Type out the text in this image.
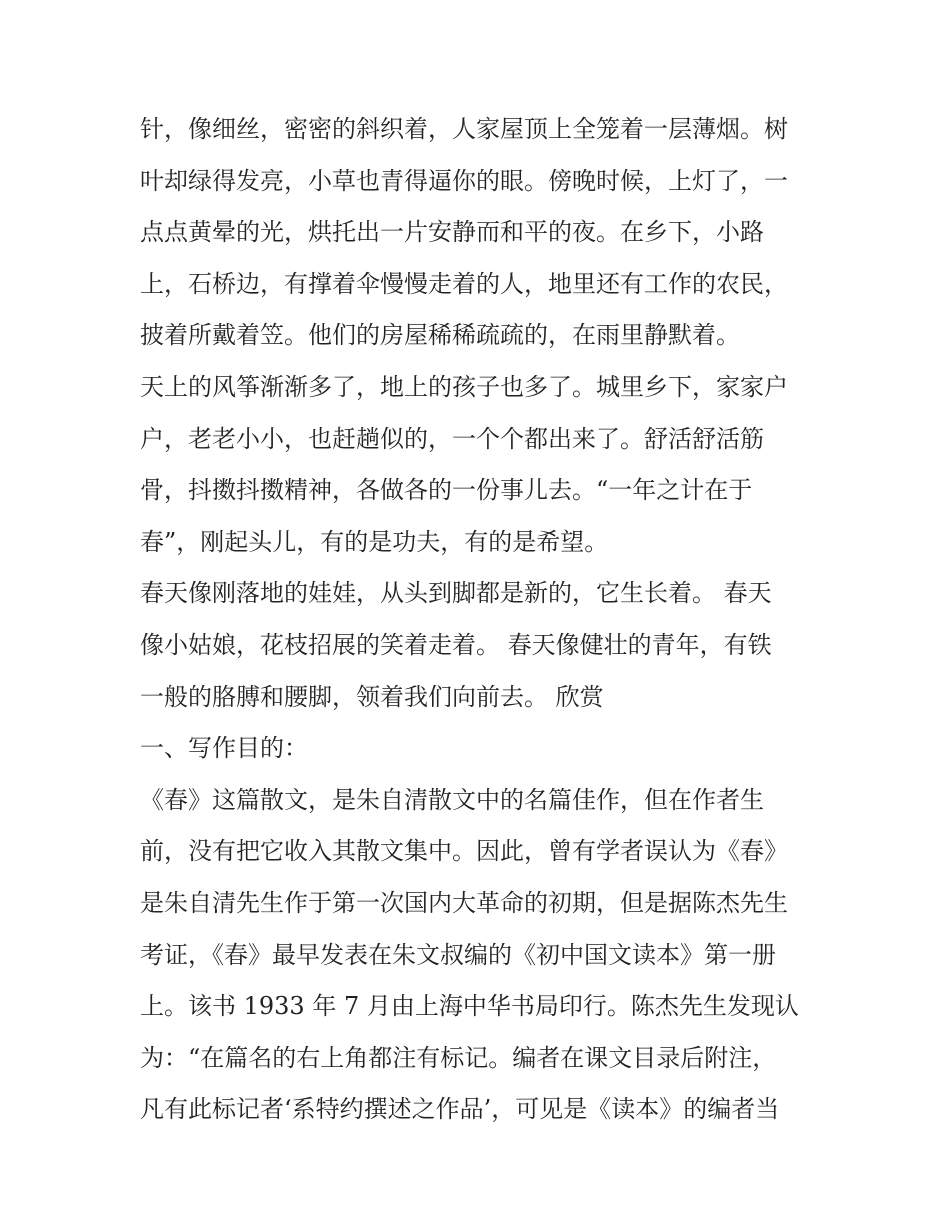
针，像细丝，密密的斜织着，人家屋顶上全笼着一层薄烟。树
叶却绿得发亮，小草也青得逼你的眼。傍晚时候，上灯了，一
点点黄晕的光，烘托出一片安静而和平的夜。在乡下，小路
上，石桥边，有撑着伞慢慢走着的人，地里还有工作的农民，
披着所戴着笠。他们的房屋稀稀疏疏的，在雨里静默着。
天上的风筝渐渐多了，地上的孩子也多了。城里乡下，家家户
户，老老小小，也赶趟似的，一个个都出来了。舒活舒活筋
骨，抖擞抖擞精神，各做各的一份事儿去。“一年之计在于
春”，刚起头儿，有的是功夫，有的是希望。
春天像刚落地的娃娃，从头到脚都是新的，它生长着。 春天
像小姑娘，花枝招展的笑着走着。 春天像健壮的青年，有铁
一般的胳膊和腰脚，领着我们向前去。 欣赏
一、写作目的：
《春》这篇散文，是朱自清散文中的名篇佳作，但在作者生
前，没有把它收入其散文集中。因此，曾有学者误认为《春》
是朱自清先生作于第一次国内大革命的初期，但是据陈杰先生
考证，《春》最早发表在朱文叔编的《初中国文读本》第一册
上。该书 1933 年 7 月由上海中华书局印行。陈杰先生发现认
为：“在篇名的右上角都注有标记。编者在课文目录后附注，
凡有此标记者‘系特约撰述之作品’，可见是《读本》的编者当
